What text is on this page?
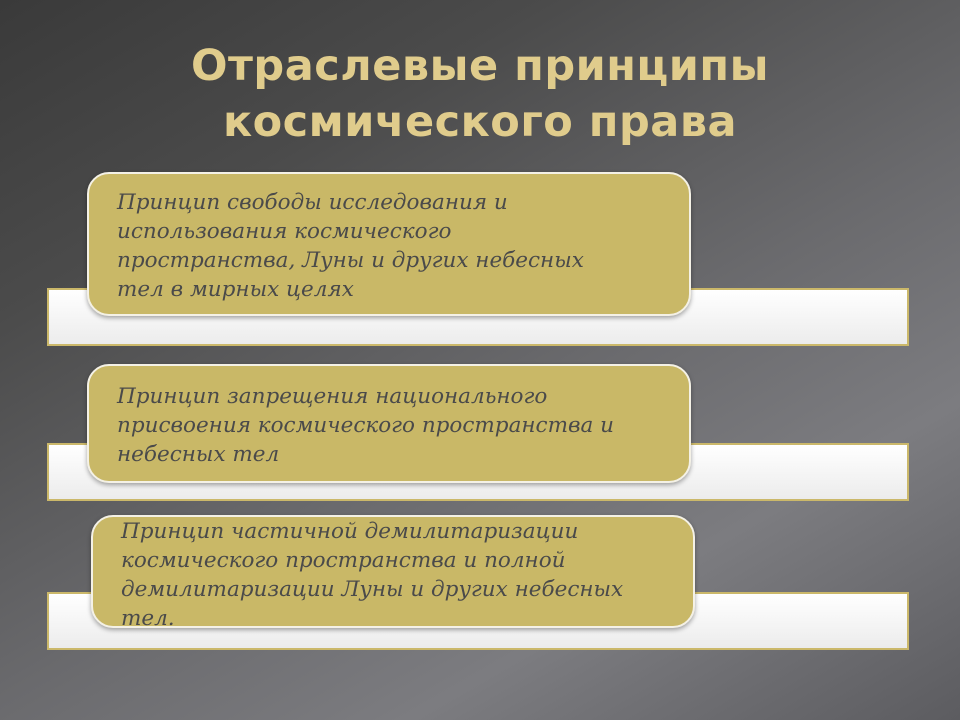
Отраслевые принципы
космического права
Принцип свободы исследования и
использования космического
пространства, Луны и других небесных
тел в мирных целях
Принцип запрещения национального
присвоения космического пространства и
небесных тел
Принцип частичной демилитаризации
космического пространства и полной
демилитаризации Луны и других небесных
тел.
